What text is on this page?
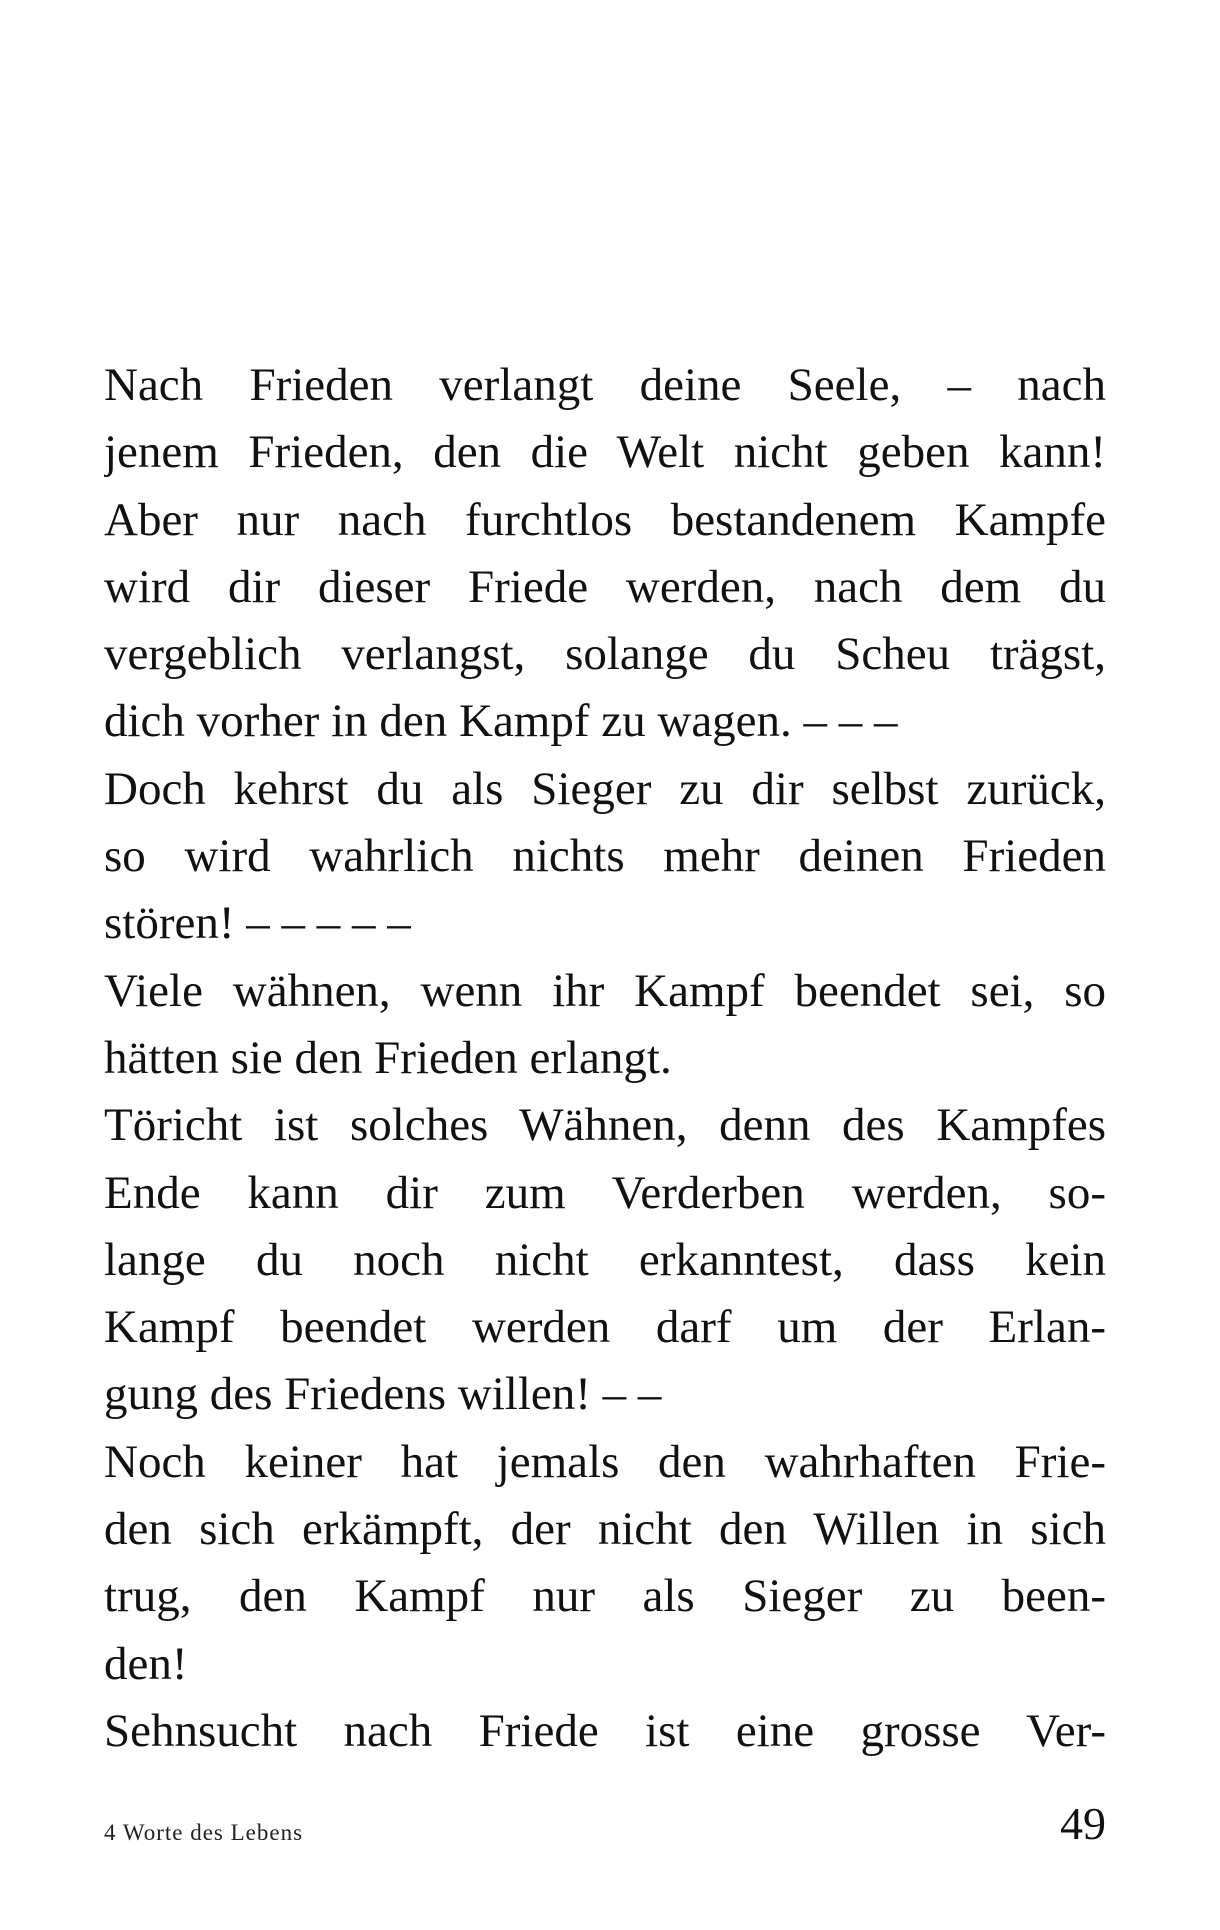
Nach Frieden verlangt deine Seele, – nach
jenem Frieden, den die Welt nicht geben kann!
Aber nur nach furchtlos bestandenem Kampfe
wird dir dieser Friede werden, nach dem du
vergeblich verlangst, solange du Scheu trägst,
dich vorher in den Kampf zu wagen. – – –
Doch kehrst du als Sieger zu dir selbst zurück,
so wird wahrlich nichts mehr deinen Frieden
stören! – – – – –
Viele wähnen, wenn ihr Kampf beendet sei, so
hätten sie den Frieden erlangt.
Töricht ist solches Wähnen, denn des Kampfes
Ende kann dir zum Verderben werden, so-
lange du noch nicht erkanntest, dass kein
Kampf beendet werden darf um der Erlan-
gung des Friedens willen! – –
Noch keiner hat jemals den wahrhaften Frie-
den sich erkämpft, der nicht den Willen in sich
trug, den Kampf nur als Sieger zu been-
den!
Sehnsucht nach Friede ist eine grosse Ver-
4 Worte des Lebens	49
